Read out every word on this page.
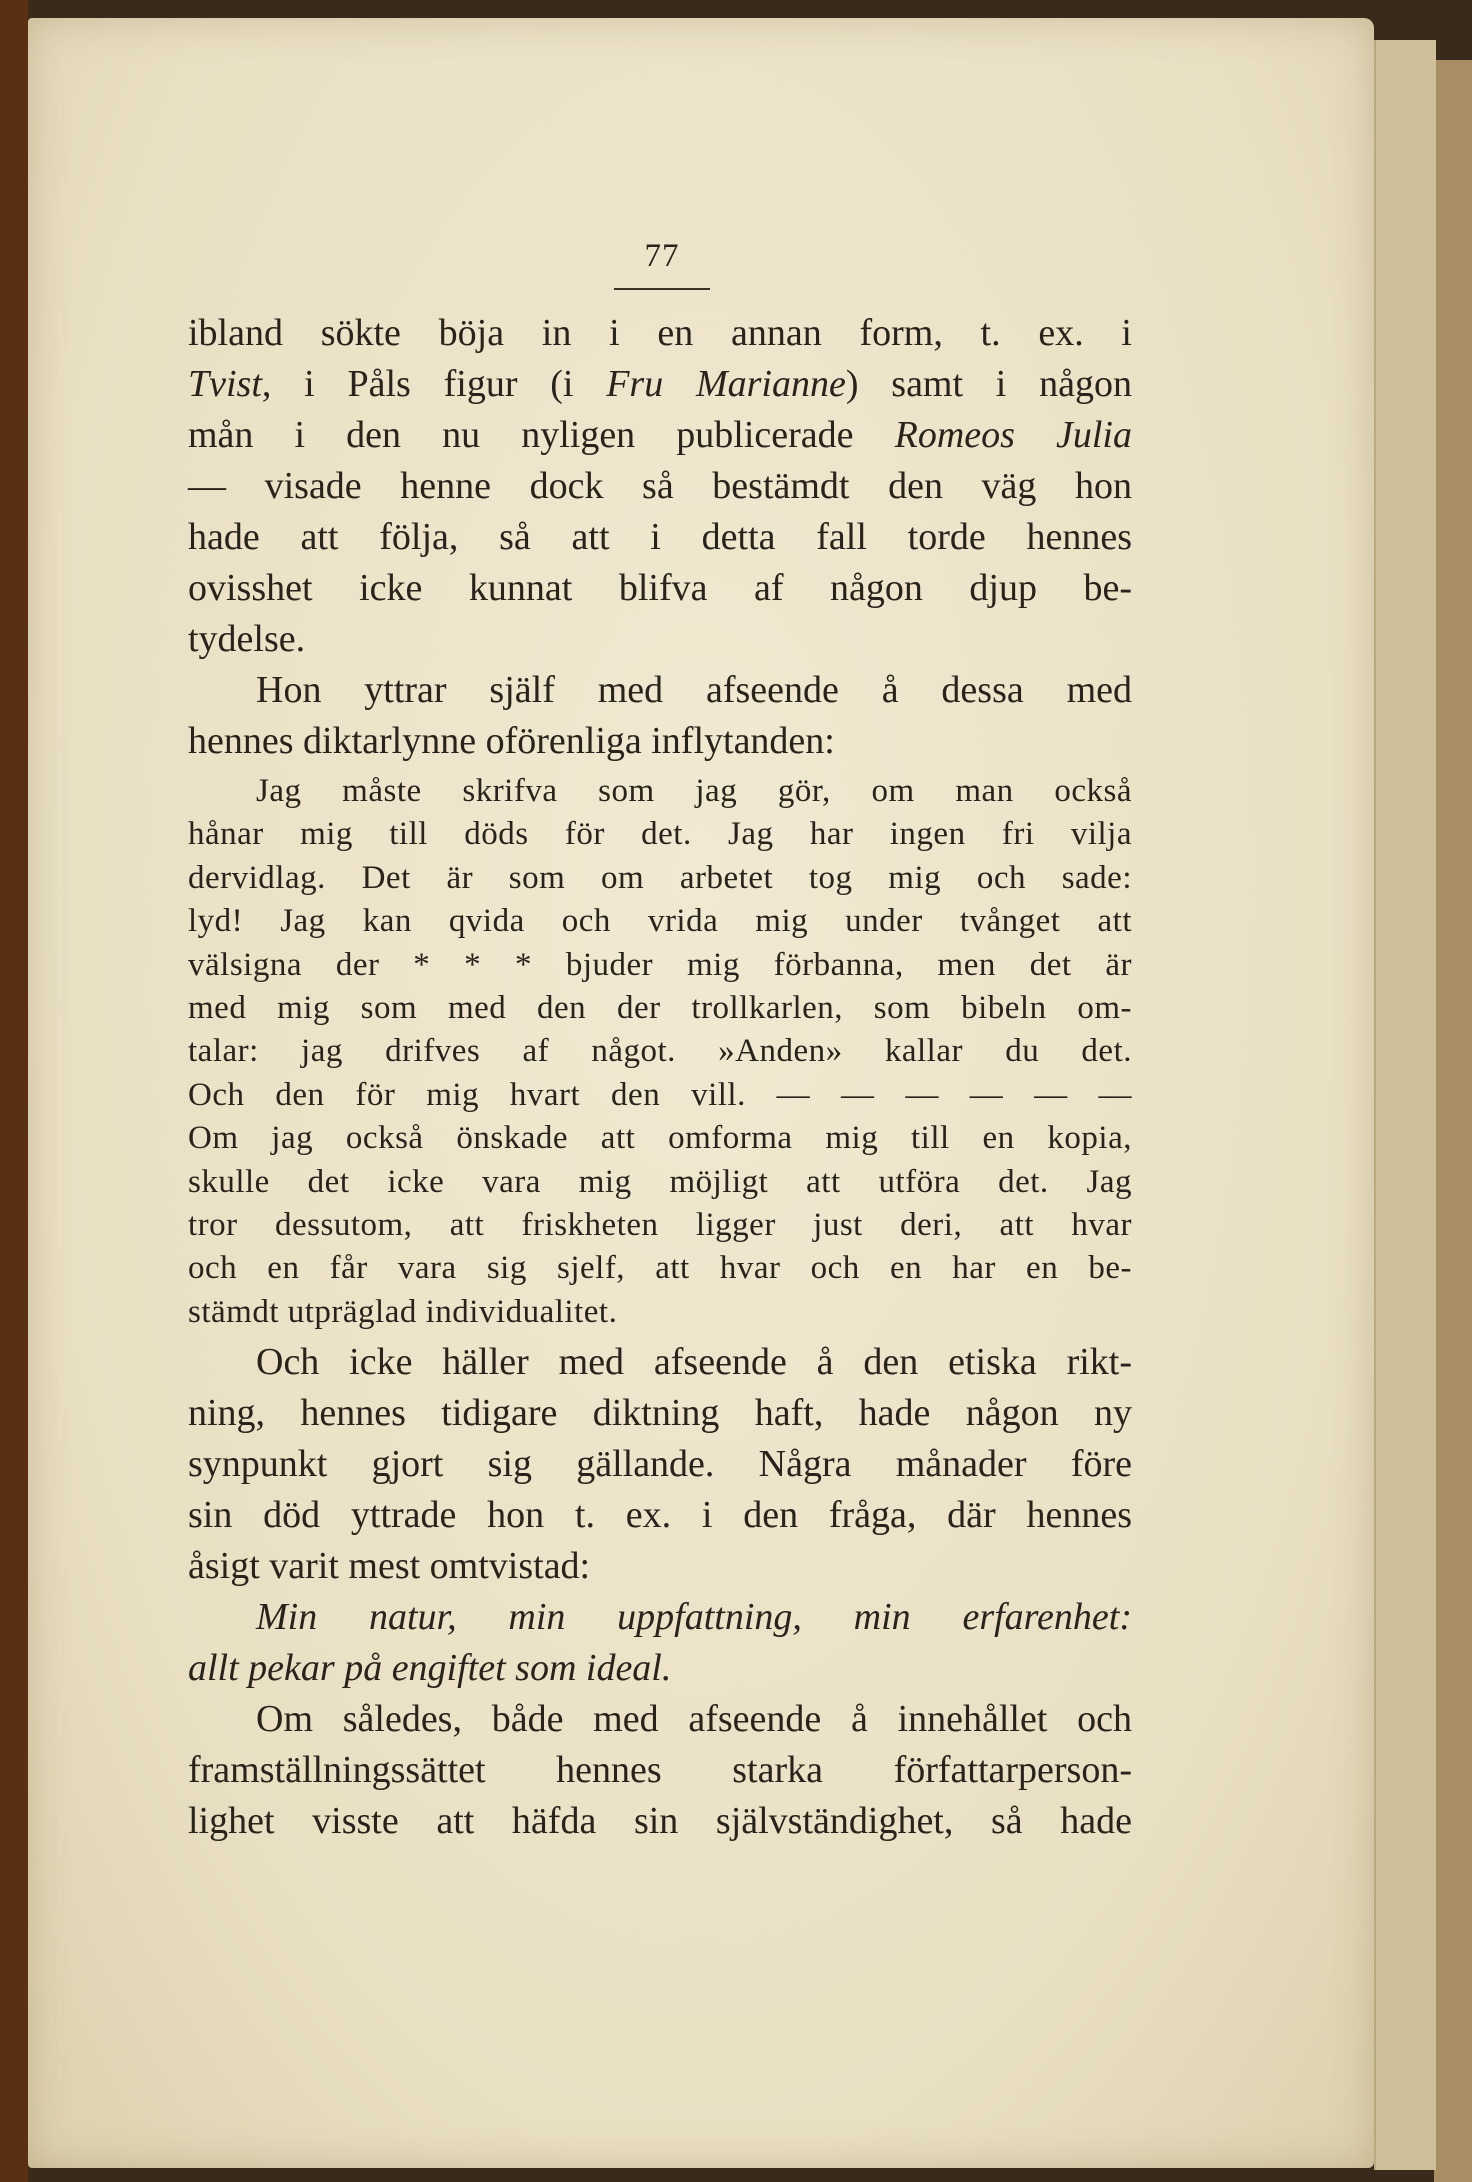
77
ibland sökte böja in i en annan form, t. ex. i
Tvist, i Påls figur (i Fru Marianne) samt i någon
mån i den nu nyligen publicerade Romeos Julia
— visade henne dock så bestämdt den väg hon
hade att följa, så att i detta fall torde hennes
ovisshet icke kunnat blifva af någon djup be-
tydelse.
Hon yttrar själf med afseende å dessa med
hennes diktarlynne oförenliga inflytanden:
Jag måste skrifva som jag gör, om man också
hånar mig till döds för det. Jag har ingen fri vilja
dervidlag. Det är som om arbetet tog mig och sade:
lyd! Jag kan qvida och vrida mig under tvånget att
välsigna der * * * bjuder mig förbanna, men det är
med mig som med den der trollkarlen, som bibeln om-
talar: jag drifves af något. »Anden» kallar du det.
Och den för mig hvart den vill. — — — — — —
Om jag också önskade att omforma mig till en kopia,
skulle det icke vara mig möjligt att utföra det. Jag
tror dessutom, att friskheten ligger just deri, att hvar
och en får vara sig sjelf, att hvar och en har en be-
stämdt utpräglad individualitet.
Och icke häller med afseende å den etiska rikt-
ning, hennes tidigare diktning haft, hade någon ny
synpunkt gjort sig gällande. Några månader före
sin död yttrade hon t. ex. i den fråga, där hennes
åsigt varit mest omtvistad:
Min natur, min uppfattning, min erfarenhet:
allt pekar på engiftet som ideal.
Om således, både med afseende å innehållet och
framställningssättet hennes starka författarperson-
lighet visste att häfda sin självständighet, så hade
